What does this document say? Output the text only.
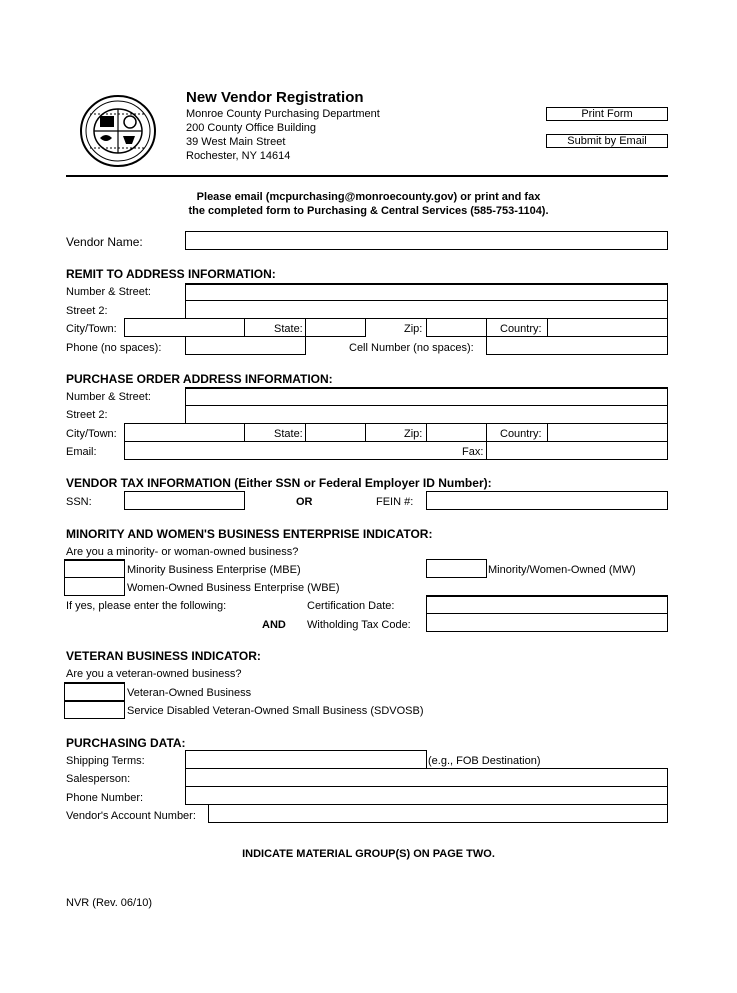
New Vendor Registration
Monroe County Purchasing Department
200 County Office Building
39 West Main Street
Rochester, NY 14614
Print Form
Submit by Email
Please email (mcpurchasing@monroecounty.gov) or print and fax
the completed form to Purchasing & Central Services (585-753-1104).
Vendor Name:
REMIT TO ADDRESS INFORMATION:
Number & Street:
Street 2:
City/Town:	State:	Zip:	Country:
Phone (no spaces):	Cell Number (no spaces):
PURCHASE ORDER ADDRESS INFORMATION:
Number & Street:
Street 2:
City/Town:	State:	Zip:	Country:
Email:	Fax:
VENDOR TAX INFORMATION (Either SSN or Federal Employer ID Number):
SSN:	OR	FEIN #:
MINORITY AND WOMEN'S BUSINESS ENTERPRISE INDICATOR:
Are you a minority- or woman-owned business?
Minority Business Enterprise (MBE)	Minority/Women-Owned (MW)
Women-Owned Business Enterprise (WBE)
If yes, please enter the following:	Certification Date:
AND Witholding Tax Code:
VETERAN BUSINESS INDICATOR:
Are you a veteran-owned business?
Veteran-Owned Business
Service Disabled Veteran-Owned Small Business (SDVOSB)
PURCHASING DATA:
Shipping Terms:	(e.g., FOB Destination)
Salesperson:
Phone Number:
Vendor's Account Number:
INDICATE MATERIAL GROUP(S) ON PAGE TWO.
NVR (Rev. 06/10)
